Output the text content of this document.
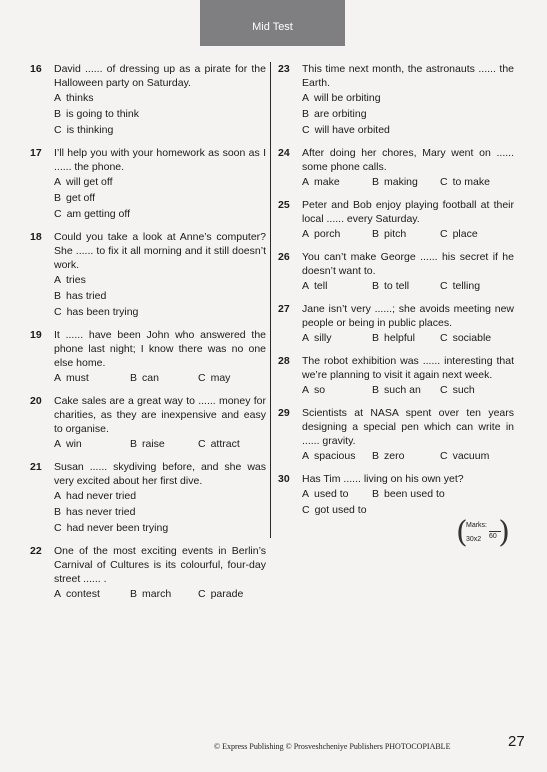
Mid Test
16 David ...... of dressing up as a pirate for the Halloween party on Saturday.
A thinks
B is going to think
C is thinking
17 I’ll help you with your homework as soon as I ...... the phone.
A will get off
B get off
C am getting off
18 Could you take a look at Anne’s computer? She ...... to fix it all morning and it still doesn’t work.
A tries
B has tried
C has been trying
19 It ...... have been John who answered the phone last night; I know there was no one else home.
A must	B can	C may
20 Cake sales are a great way to ...... money for charities, as they are inexpensive and easy to organise.
A win	B raise	C attract
21 Susan ...... skydiving before, and she was very excited about her first dive.
A had never tried
B has never tried
C had never been trying
22 One of the most exciting events in Berlin’s Carnival of Cultures is its colourful, four-day street ...... .
A contest	B march	C parade
23 This time next month, the astronauts ...... the Earth.
A will be orbiting
B are orbiting
C will have orbited
24 After doing her chores, Mary went on ...... some phone calls.
A make	B making	C to make
25 Peter and Bob enjoy playing football at their local ...... every Saturday.
A porch	B pitch	C place
26 You can’t make George ...... his secret if he doesn’t want to.
A tell	B to tell	C telling
27 Jane isn’t very ......; she avoids meeting new people or being in public places.
A silly	B helpful	C sociable
28 The robot exhibition was ...... interesting that we’re planning to visit it again next week.
A so	B such an	C such
29 Scientists at NASA spent over ten years designing a special pen which can write in ...... gravity.
A spacious	B zero	C vacuum
30 Has Tim ...... living on his own yet?
A used to	B been used to
C got used to
(
Marks:
30x2 60 )
© Express Publishing © Prosveshcheniye Publishers PHOTOCOPIABLE	27
